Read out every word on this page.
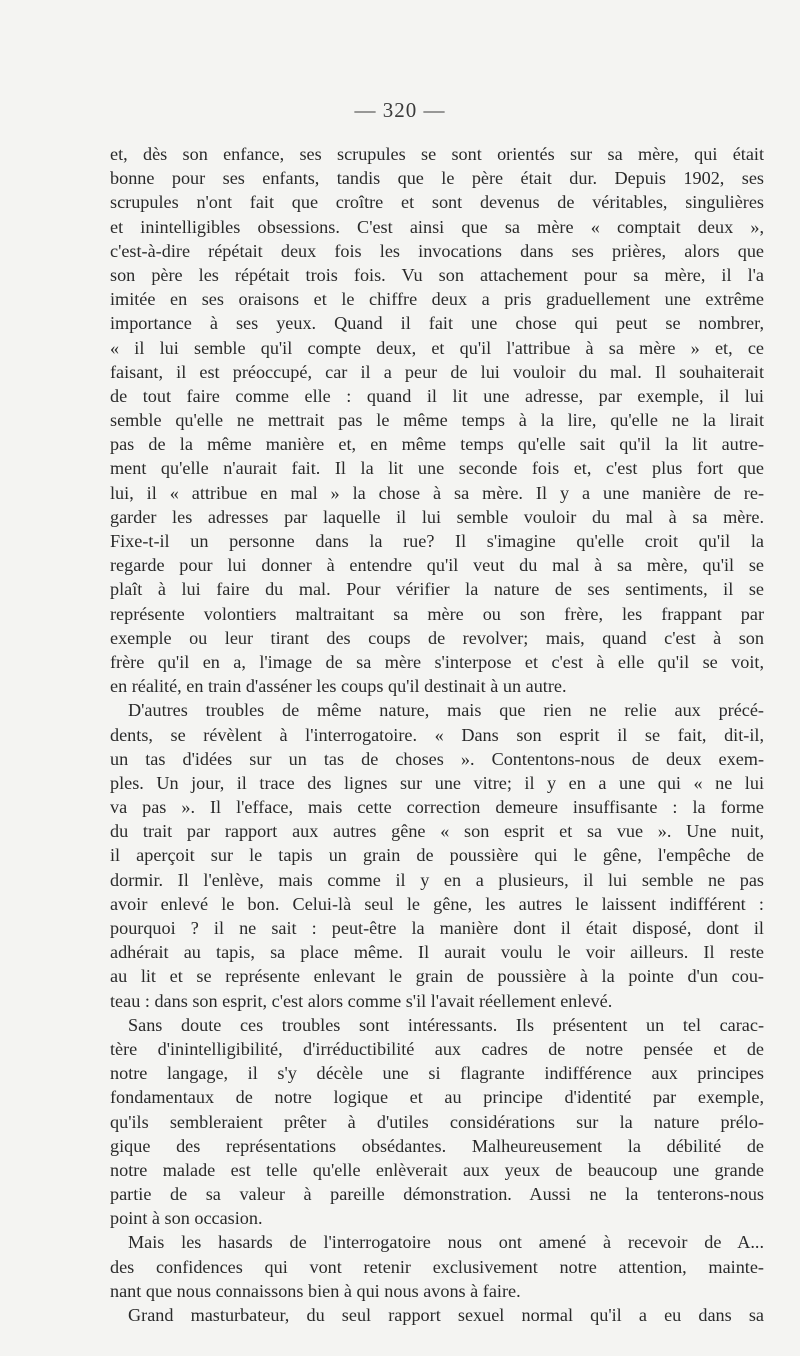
— 320 —
et, dès son enfance, ses scrupules se sont orientés sur sa mère, qui était
bonne pour ses enfants, tandis que le père était dur. Depuis 1902, ses
scrupules n'ont fait que croître et sont devenus de véritables, singulières
et inintelligibles obsessions. C'est ainsi que sa mère « comptait deux »,
c'est-à-dire répétait deux fois les invocations dans ses prières, alors que
son père les répétait trois fois. Vu son attachement pour sa mère, il l'a
imitée en ses oraisons et le chiffre deux a pris graduellement une extrême
importance à ses yeux. Quand il fait une chose qui peut se nombrer,
« il lui semble qu'il compte deux, et qu'il l'attribue à sa mère » et, ce
faisant, il est préoccupé, car il a peur de lui vouloir du mal. Il souhaiterait
de tout faire comme elle : quand il lit une adresse, par exemple, il lui
semble qu'elle ne mettrait pas le même temps à la lire, qu'elle ne la lirait
pas de la même manière et, en même temps qu'elle sait qu'il la lit autre-
ment qu'elle n'aurait fait. Il la lit une seconde fois et, c'est plus fort que
lui, il « attribue en mal » la chose à sa mère. Il y a une manière de re-
garder les adresses par laquelle il lui semble vouloir du mal à sa mère.
Fixe-t-il un personne dans la rue? Il s'imagine qu'elle croit qu'il la
regarde pour lui donner à entendre qu'il veut du mal à sa mère, qu'il se
plaît à lui faire du mal. Pour vérifier la nature de ses sentiments, il se
représente volontiers maltraitant sa mère ou son frère, les frappant par
exemple ou leur tirant des coups de revolver; mais, quand c'est à son
frère qu'il en a, l'image de sa mère s'interpose et c'est à elle qu'il se voit,
en réalité, en train d'asséner les coups qu'il destinait à un autre.
D'autres troubles de même nature, mais que rien ne relie aux précé-
dents, se révèlent à l'interrogatoire. « Dans son esprit il se fait, dit-il,
un tas d'idées sur un tas de choses ». Contentons-nous de deux exem-
ples. Un jour, il trace des lignes sur une vitre; il y en a une qui « ne lui
va pas ». Il l'efface, mais cette correction demeure insuffisante : la forme
du trait par rapport aux autres gêne « son esprit et sa vue ». Une nuit,
il aperçoit sur le tapis un grain de poussière qui le gêne, l'empêche de
dormir. Il l'enlève, mais comme il y en a plusieurs, il lui semble ne pas
avoir enlevé le bon. Celui-là seul le gêne, les autres le laissent indifférent :
pourquoi ? il ne sait : peut-être la manière dont il était disposé, dont il
adhérait au tapis, sa place même. Il aurait voulu le voir ailleurs. Il reste
au lit et se représente enlevant le grain de poussière à la pointe d'un cou-
teau : dans son esprit, c'est alors comme s'il l'avait réellement enlevé.
Sans doute ces troubles sont intéressants. Ils présentent un tel carac-
tère d'inintelligibilité, d'irréductibilité aux cadres de notre pensée et de
notre langage, il s'y décèle une si flagrante indifférence aux principes
fondamentaux de notre logique et au principe d'identité par exemple,
qu'ils sembleraient prêter à d'utiles considérations sur la nature prélo-
gique des représentations obsédantes. Malheureusement la débilité de
notre malade est telle qu'elle enlèverait aux yeux de beaucoup une grande
partie de sa valeur à pareille démonstration. Aussi ne la tenterons-nous
point à son occasion.
Mais les hasards de l'interrogatoire nous ont amené à recevoir de A...
des confidences qui vont retenir exclusivement notre attention, mainte-
nant que nous connaissons bien à qui nous avons à faire.
Grand masturbateur, du seul rapport sexuel normal qu'il a eu dans sa
